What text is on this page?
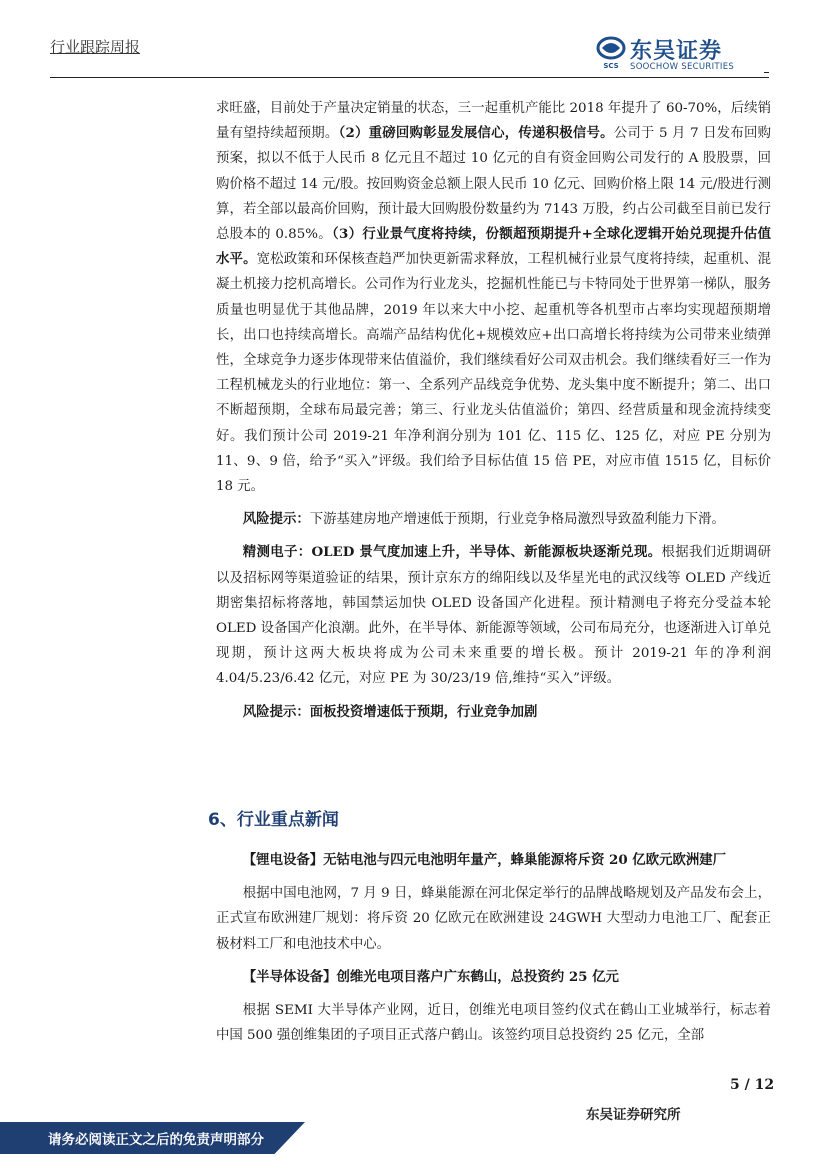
行业跟踪周报
SCS
东吴证券
SOOCHOW SECURITIES

求旺盛，目前处于产量决定销量的状态，三一起重机产能比 2018 年提升了 60-70%，后续销量有望持续超预期。（2）重磅回购彰显发展信心，传递积极信号。公司于 5 月 7 日发布回购预案，拟以不低于人民币 8 亿元且不超过 10 亿元的自有资金回购公司发行的 A 股股票，回购价格不超过 14 元/股。按回购资金总额上限人民币 10 亿元、回购价格上限 14 元/股进行测算，若全部以最高价回购，预计最大回购股份数量约为 7143 万股，约占公司截至目前已发行总股本的 0.85%。（3）行业景气度将持续，份额超预期提升+全球化逻辑开始兑现提升估值水平。宽松政策和环保核查趋严加快更新需求释放，工程机械行业景气度将持续，起重机、混凝土机接力挖机高增长。公司作为行业龙头，挖掘机性能已与卡特同处于世界第一梯队，服务质量也明显优于其他品牌，2019 年以来大中小挖、起重机等各机型市占率均实现超预期增长，出口也持续高增长。高端产品结构优化+规模效应+出口高增长将持续为公司带来业绩弹性，全球竞争力逐步体现带来估值溢价，我们继续看好公司双击机会。我们继续看好三一作为工程机械龙头的行业地位：第一、全系列产品线竞争优势、龙头集中度不断提升；第二、出口不断超预期，全球布局最完善；第三、行业龙头估值溢价；第四、经营质量和现金流持续变好。我们预计公司 2019-21 年净利润分别为 101 亿、115 亿、125 亿，对应 PE 分别为 11、9、9 倍，给予“买入”评级。我们给予目标估值 15 倍 PE，对应市值 1515 亿，目标价 18 元。

风险提示：下游基建房地产增速低于预期，行业竞争格局激烈导致盈利能力下滑。

精测电子：OLED 景气度加速上升，半导体、新能源板块逐渐兑现。根据我们近期调研以及招标网等渠道验证的结果，预计京东方的绵阳线以及华星光电的武汉线等 OLED 产线近期密集招标将落地，韩国禁运加快 OLED 设备国产化进程。预计精测电子将充分受益本轮 OLED 设备国产化浪潮。此外，在半导体、新能源等领域，公司布局充分，也逐渐进入订单兑现期，预计这两大板块将成为公司未来重要的增长极。预计 2019-21 年的净利润 4.04/5.23/6.42 亿元，对应 PE 为 30/23/19 倍,维持“买入”评级。

风险提示：面板投资增速低于预期，行业竞争加剧

6、行业重点新闻

【锂电设备】无钴电池与四元电池明年量产，蜂巢能源将斥资 20 亿欧元欧洲建厂

根据中国电池网，7 月 9 日，蜂巢能源在河北保定举行的品牌战略规划及产品发布会上，正式宣布欧洲建厂规划：将斥资 20 亿欧元在欧洲建设 24GWH 大型动力电池工厂、配套正极材料工厂和电池技术中心。

【半导体设备】创维光电项目落户广东鹤山，总投资约 25 亿元

根据 SEMI 大半导体产业网，近日，创维光电项目签约仪式在鹤山工业城举行，标志着中国 500 强创维集团的子项目正式落户鹤山。该签约项目总投资约 25 亿元，全部

5 / 12
东吴证券研究所
请务必阅读正文之后的免责声明部分
